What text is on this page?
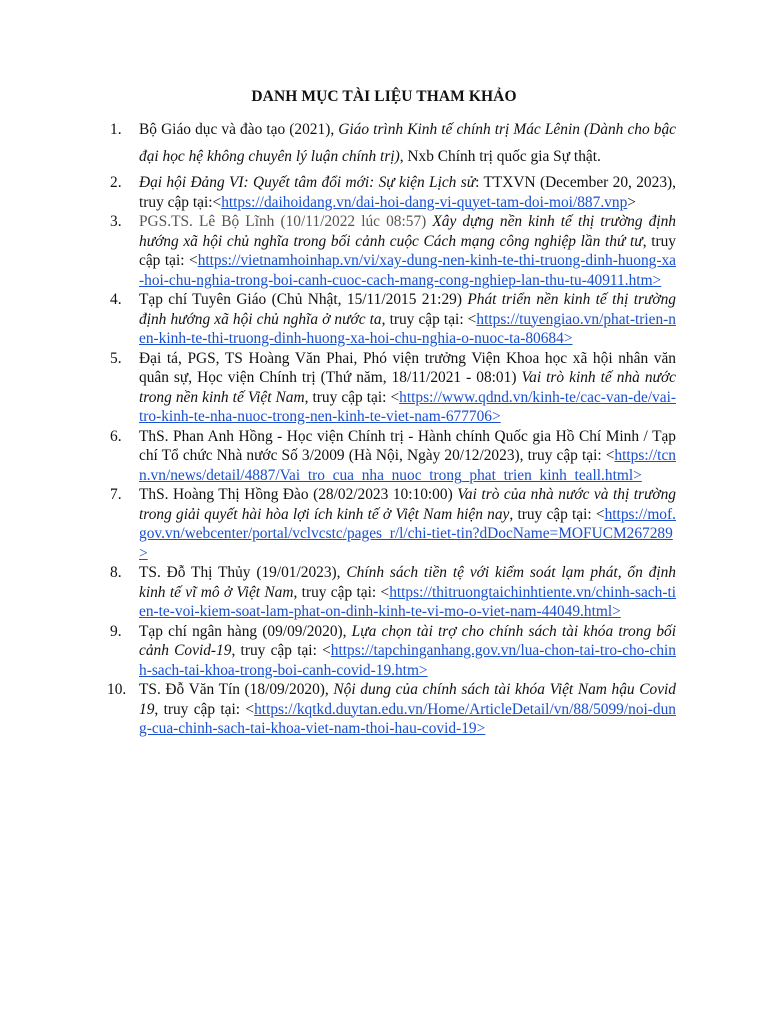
DANH MỤC TÀI LIỆU THAM KHẢO
1. Bộ Giáo dục và đào tạo (2021), Giáo trình Kinh tế chính trị Mác Lênin (Dành cho bậc đại học hệ không chuyên lý luận chính trị), Nxb Chính trị quốc gia Sự thật.
2. Đại hội Đảng VI: Quyết tâm đổi mới: Sự kiện Lịch sử: TTXVN (December 20, 2023), truy cập tại:<https://daihoidang.vn/dai-hoi-dang-vi-quyet-tam-doi-moi/887.vnp>
3. PGS.TS. Lê Bộ Lĩnh (10/11/2022 lúc 08:57) Xây dựng nền kinh tế thị trường định hướng xã hội chủ nghĩa trong bối cảnh cuộc Cách mạng công nghiệp lần thứ tư, truy cập tại: <https://vietnamhoinhap.vn/vi/xay-dung-nen-kinh-te-thi-truong-dinh-huong-xa-hoi-chu-nghia-trong-boi-canh-cuoc-cach-mang-cong-nghiep-lan-thu-tu-40911.htm>
4. Tạp chí Tuyên Giáo (Chủ Nhật, 15/11/2015 21:29) Phát triển nền kinh tế thị trường định hướng xã hội chủ nghĩa ở nước ta, truy cập tại: <https://tuyengiao.vn/phat-trien-nen-kinh-te-thi-truong-dinh-huong-xa-hoi-chu-nghia-o-nuoc-ta-80684>
5. Đại tá, PGS, TS Hoàng Văn Phai, Phó viện trưởng Viện Khoa học xã hội nhân văn quân sự, Học viện Chính trị (Thứ năm, 18/11/2021 - 08:01) Vai trò kinh tế nhà nước trong nền kinh tế Việt Nam, truy cập tại: <https://www.qdnd.vn/kinh-te/cac-van-de/vai-tro-kinh-te-nha-nuoc-trong-nen-kinh-te-viet-nam-677706>
6. ThS. Phan Anh Hồng - Học viện Chính trị - Hành chính Quốc gia Hồ Chí Minh / Tạp chí Tổ chức Nhà nước Số 3/2009 (Hà Nội, Ngày 20/12/2023), truy cập tại: <https://tcnn.vn/news/detail/4887/Vai_tro_cua_nha_nuoc_trong_phat_trien_kinh_teall.html>
7. ThS. Hoàng Thị Hồng Đào (28/02/2023 10:10:00) Vai trò của nhà nước và thị trường trong giải quyết hài hòa lợi ích kinh tế ở Việt Nam hiện nay, truy cập tại: <https://mof.gov.vn/webcenter/portal/vclvcstc/pages_r/l/chi-tiet-tin?dDocName=MOFUCM267289>
8. TS. Đỗ Thị Thủy (19/01/2023), Chính sách tiền tệ với kiểm soát lạm phát, ổn định kinh tế vĩ mô ở Việt Nam, truy cập tại: <https://thitruongtaichinhtiente.vn/chinh-sach-tien-te-voi-kiem-soat-lam-phat-on-dinh-kinh-te-vi-mo-o-viet-nam-44049.html>
9. Tạp chí ngân hàng (09/09/2020), Lựa chọn tài trợ cho chính sách tài khóa trong bối cảnh Covid-19, truy cập tại: <https://tapchinganhang.gov.vn/lua-chon-tai-tro-cho-chinh-sach-tai-khoa-trong-boi-canh-covid-19.htm>
10. TS. Đỗ Văn Tín (18/09/2020), Nội dung của chính sách tài khóa Việt Nam hậu Covid 19, truy cập tại: <https://kqtkd.duytan.edu.vn/Home/ArticleDetail/vn/88/5099/noi-dung-cua-chinh-sach-tai-khoa-viet-nam-thoi-hau-covid-19>
